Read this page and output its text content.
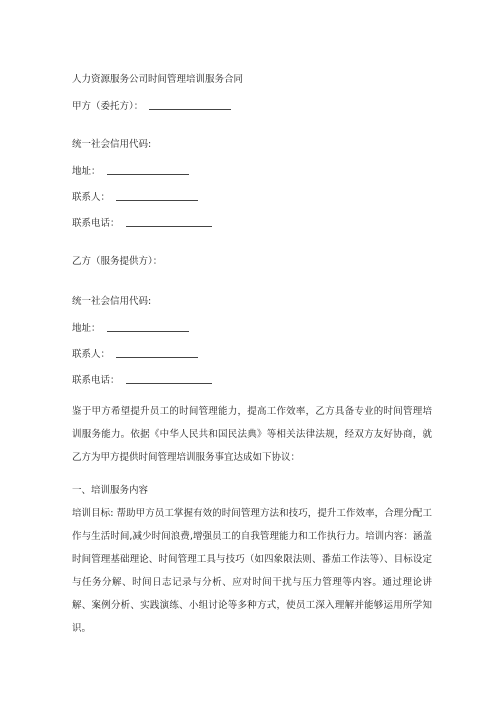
人力资源服务公司时间管理培训服务合同
甲方（委托方）：
统一社会信用代码:
地址：
联系人：
联系电话：
乙方（服务提供方）：
统一社会信用代码:
地址：
联系人：
联系电话：
鉴于甲方希望提升员工的时间管理能力，提高工作效率，乙方具备专业的时间管理培训服务能力。依据《中华人民共和国民法典》等相关法律法规，经双方友好协商，就乙方为甲方提供时间管理培训服务事宜达成如下协议：
一、培训服务内容
培训目标: 帮助甲方员工掌握有效的时间管理方法和技巧，提升工作效率，合理分配工作与生活时间,减少时间浪费,增强员工的自我管理能力和工作执行力。培训内容：涵盖时间管理基础理论、时间管理工具与技巧（如四象限法则、番茄工作法等）、目标设定与任务分解、时间日志记录与分析、应对时间干扰与压力管理等内容。通过理论讲解、案例分析、实践演练、小组讨论等多种方式，使员工深入理解并能够运用所学知识。
